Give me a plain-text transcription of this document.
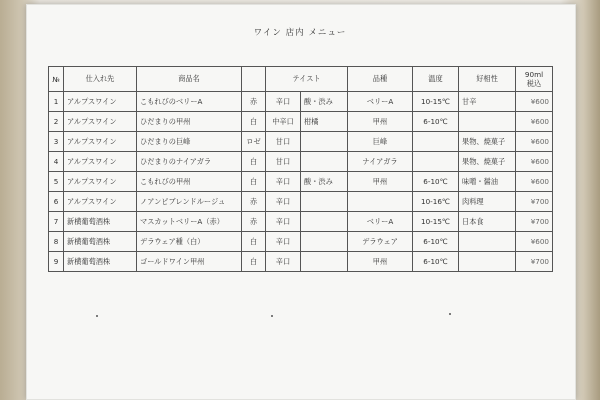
ワイン 店内 メニュー
№	仕入れ先	商品名		テイスト		品種	温度	好相性	90ml
税込
1	アルプスワイン	こもれびのベリーA	赤	辛口	酸・渋み	ベリーA	10-15℃	甘辛	¥600
2	アルプスワイン	ひだまりの甲州	白	中辛口	柑橘	甲州	6-10℃		¥600
3	アルプスワイン	ひだまりの巨峰	ロゼ	甘口		巨峰		果物、焼菓子	¥600
4	アルプスワイン	ひだまりのナイアガラ	白	甘口		ナイアガラ		果物、焼菓子	¥600
5	アルプスワイン	こもれびの甲州	白	辛口	酸・渋み	甲州	6-10℃	味噌・醤油	¥600
6	アルプスワイン	ノアンピブレンドルージュ	赤	辛口			10-16℃	肉料理	¥700
7	新横葡萄酒株	マスカットベリーA（赤）	赤	辛口		ベリーA	10-15℃	日本食	¥700
8	新横葡萄酒株	デラウェア種（白）	白	辛口		デラウェア	6-10℃		¥600
9	新横葡萄酒株	ゴールドワイン甲州	白	辛口		甲州	6-10℃		¥700
